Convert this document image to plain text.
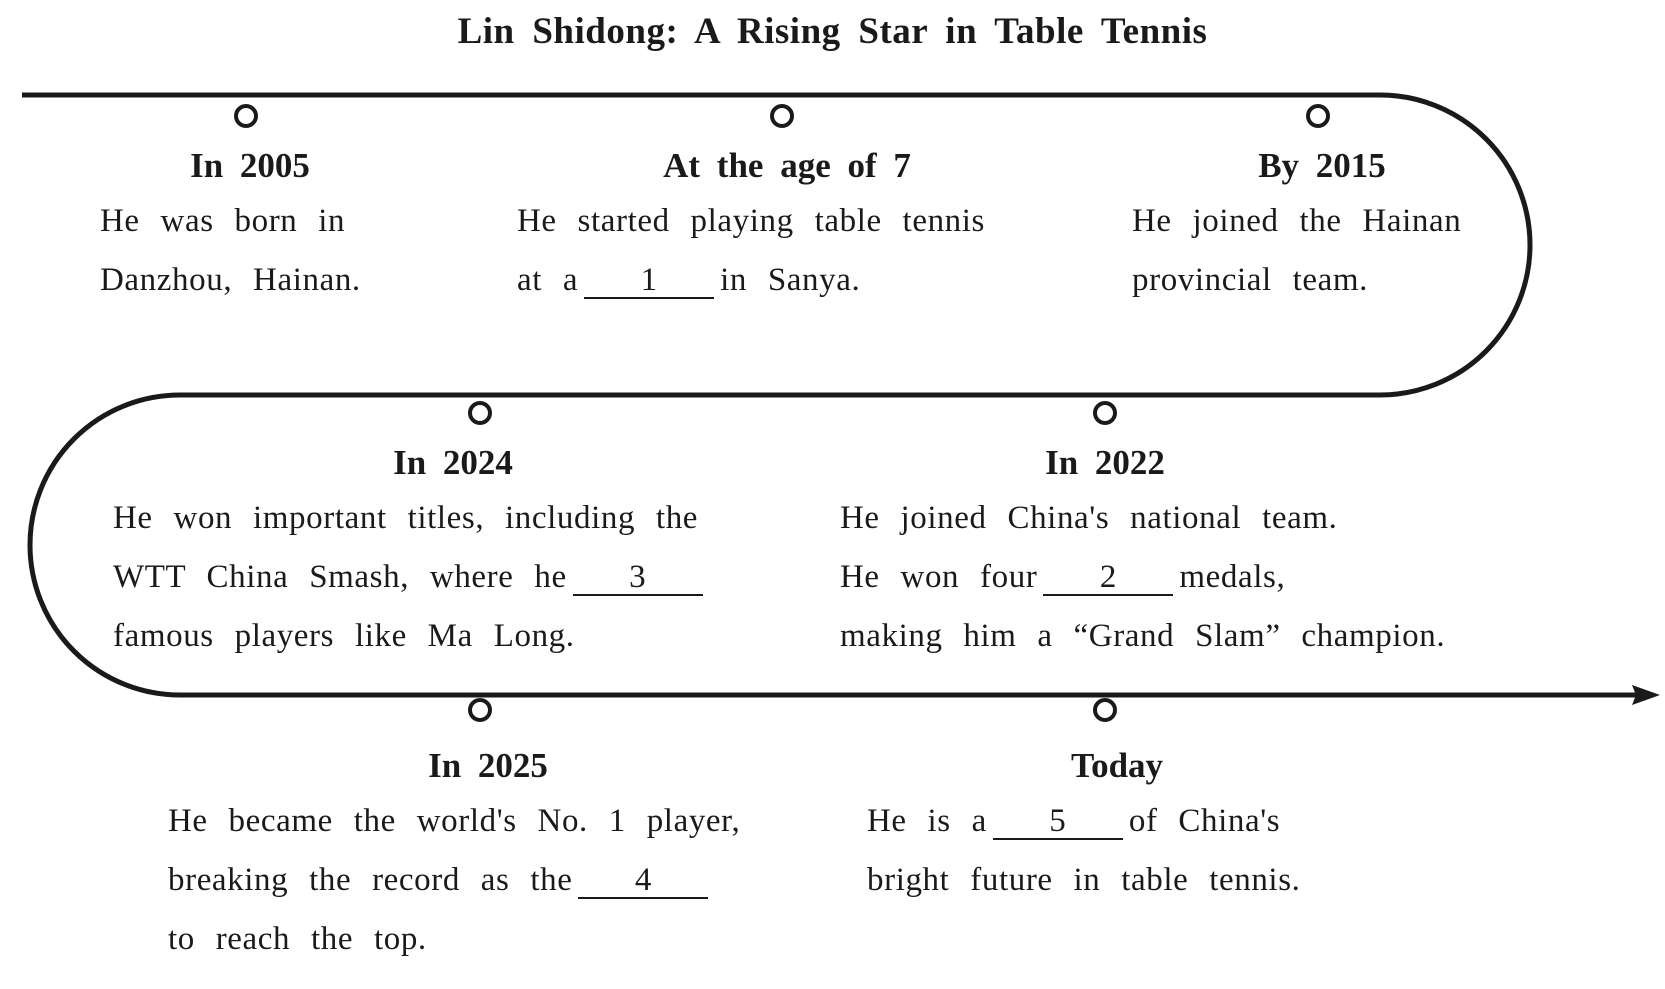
Lin Shidong: A Rising Star in Table Tennis
In 2005
He was born in
Danzhou, Hainan.
At the age of 7
He started playing table tennis
at a 1 in Sanya.
By 2015
He joined the Hainan
provincial team.
In 2024
He won important titles, including the
WTT China Smash, where he 3
famous players like Ma Long.
In 2022
He joined China's national team.
He won four 2 medals,
making him a “Grand Slam” champion.
In 2025
He became the world's No. 1 player,
breaking the record as the 4
to reach the top.
Today
He is a 5 of China's
bright future in table tennis.
